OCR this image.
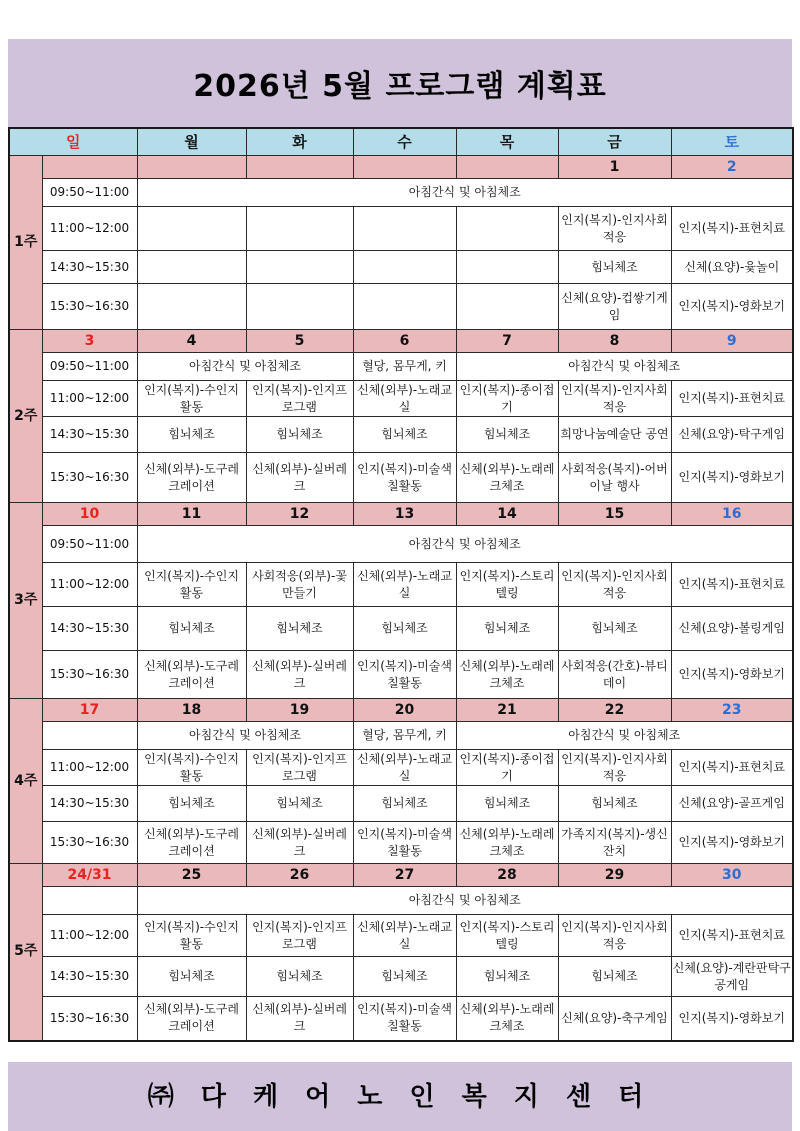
2026년 5월 프로그램 계획표
일		월	화	수	목	금	토
1주						1	2
	09:50~11:00	아침간식 및 아침체조					
	11:00~12:00					인지(복지)-인지사회적응	인지(복지)-표현치료
	14:30~15:30					힘뇌체조	신체(요양)-윷놀이
	15:30~16:30					신체(요양)-컵쌓기게임	인지(복지)-영화보기
2주	3	4	5	6	7	8	9
	09:50~11:00	아침간식 및 아침체조		혈당, 몸무게, 키	아침간식 및 아침체조		
	11:00~12:00	인지(복지)-수인지활동	인지(복지)-인지프로그램	신체(외부)-노래교실	인지(복지)-종이접기	인지(복지)-인지사회적응	인지(복지)-표현치료
	14:30~15:30	힘뇌체조	힘뇌체조	힘뇌체조	힘뇌체조	희망나눔예술단 공연	신체(요양)-탁구게임
	15:30~16:30	신체(외부)-도구레크레이션	신체(외부)-실버레크	인지(복지)-미술색칠활동	신체(외부)-노래레크체조	사회적응(복지)-어버이날 행사	인지(복지)-영화보기
3주	10	11	12	13	14	15	16
	09:50~11:00	아침간식 및 아침체조					
	11:00~12:00	인지(복지)-수인지활동	사회적응(외부)-꽃만들기	신체(외부)-노래교실	인지(복지)-스토리텔링	인지(복지)-인지사회적응	인지(복지)-표현치료
	14:30~15:30	힘뇌체조	힘뇌체조	힘뇌체조	힘뇌체조	힘뇌체조	신체(요양)-볼링게임
	15:30~16:30	신체(외부)-도구레크레이션	신체(외부)-실버레크	인지(복지)-미술색칠활동	신체(외부)-노래레크체조	사회적응(간호)-뷰티데이	인지(복지)-영화보기
4주	17	18	19	20	21	22	23
		아침간식 및 아침체조		혈당, 몸무게, 키	아침간식 및 아침체조		
	11:00~12:00	인지(복지)-수인지활동	인지(복지)-인지프로그램	신체(외부)-노래교실	인지(복지)-종이접기	인지(복지)-인지사회적응	인지(복지)-표현치료
	14:30~15:30	힘뇌체조	힘뇌체조	힘뇌체조	힘뇌체조	힘뇌체조	신체(요양)-골프게임
	15:30~16:30	신체(외부)-도구레크레이션	신체(외부)-실버레크	인지(복지)-미술색칠활동	신체(외부)-노래레크체조	가족지지(복지)-생신잔치	인지(복지)-영화보기
5주	24/31	25	26	27	28	29	30
		아침간식 및 아침체조					
	11:00~12:00	인지(복지)-수인지활동	인지(복지)-인지프로그램	신체(외부)-노래교실	인지(복지)-스토리텔링	인지(복지)-인지사회적응	인지(복지)-표현치료
	14:30~15:30	힘뇌체조	힘뇌체조	힘뇌체조	힘뇌체조	힘뇌체조	신체(요양)-계란판탁구공게임
	15:30~16:30	신체(외부)-도구레크레이션	신체(외부)-실버레크	인지(복지)-미술색칠활동	신체(외부)-노래레크체조	신체(요양)-축구게임	인지(복지)-영화보기
㈜ 다 케 어 노 인 복 지 센 터
